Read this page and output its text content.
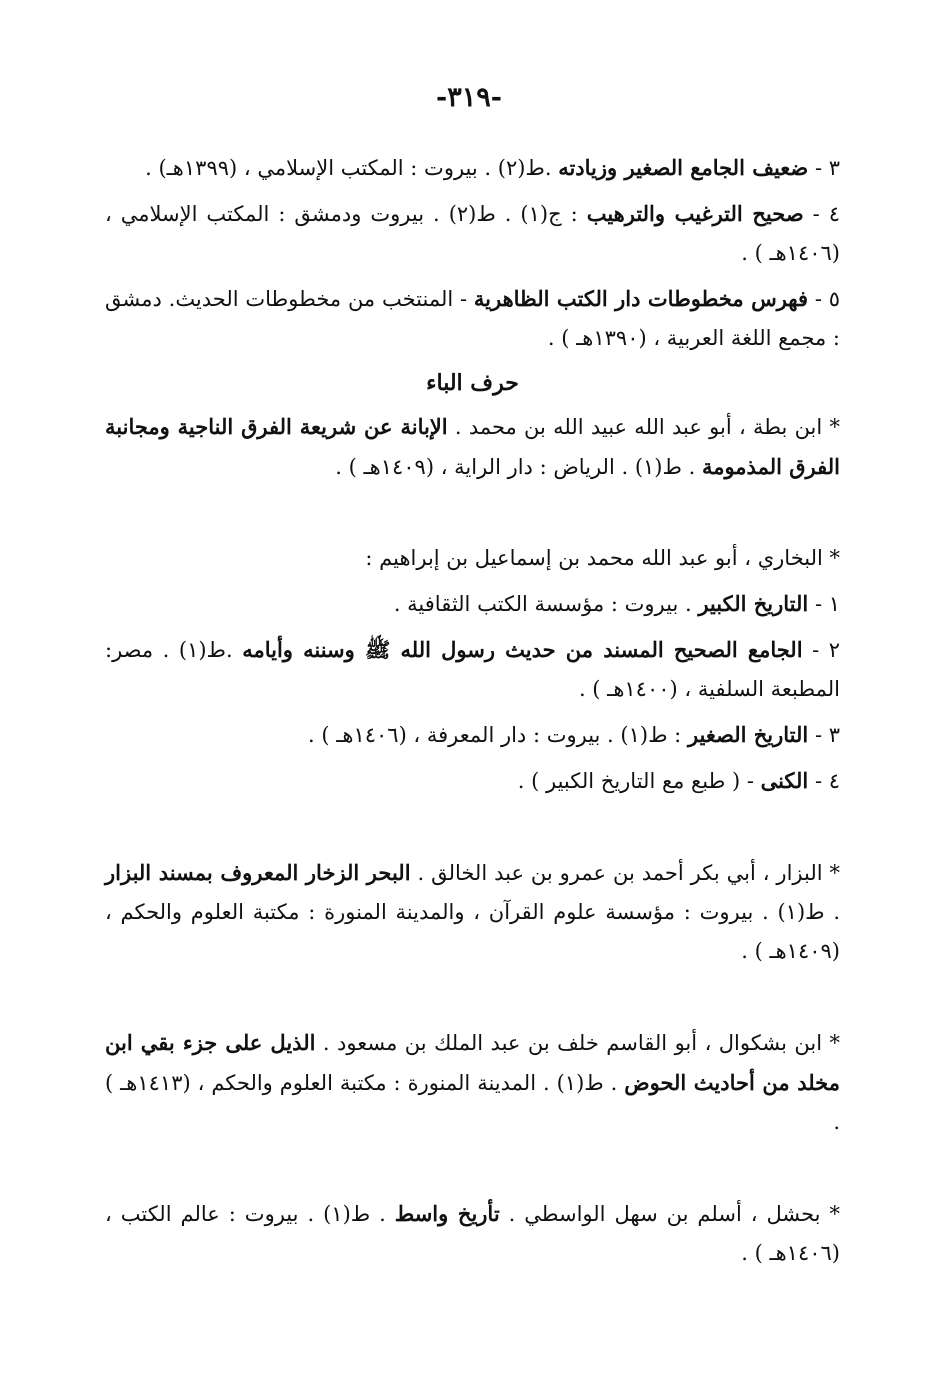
-٣١٩-

٣ - ضعيف الجامع الصغير وزيادته .ط(٢) . بيروت : المكتب الإسلامي ، (١٣٩٩هـ) .

٤ - صحيح الترغيب والترهيب : ج(١) . ط(٢) . بيروت ودمشق : المكتب الإسلامي ، (١٤٠٦هـ ) .

٥ - فهرس مخطوطات دار الكتب الظاهرية - المنتخب من مخطوطات الحديث. دمشق : مجمع اللغة العربية ، (١٣٩٠هـ ) .

حرف الباء

* ابن بطة ، أبو عبد الله عبيد الله بن محمد . الإبانة عن شريعة الفرق الناجية ومجانبة الفرق المذمومة . ط(١) . الرياض : دار الراية ، (١٤٠٩هـ ) .

* البخاري ، أبو عبد الله محمد بن إسماعيل بن إبراهيم :

١ - التاريخ الكبير . بيروت : مؤسسة الكتب الثقافية .

٢ - الجامع الصحيح المسند من حديث رسول الله ﷺ وسننه وأيامه .ط(١) . مصر: المطبعة السلفية ، (١٤٠٠هـ ) .

٣ - التاريخ الصغير : ط(١) . بيروت : دار المعرفة ، (١٤٠٦هـ ) .

٤ - الكنى - ( طبع مع التاريخ الكبير ) .

* البزار ، أبي بكر أحمد بن عمرو بن عبد الخالق . البحر الزخار المعروف بمسند البزار . ط(١) . بيروت : مؤسسة علوم القرآن ، والمدينة المنورة : مكتبة العلوم والحكم ، (١٤٠٩هـ ) .

* ابن بشكوال ، أبو القاسم خلف بن عبد الملك بن مسعود . الذيل على جزء بقي ابن مخلد من أحاديث الحوض . ط(١) . المدينة المنورة : مكتبة العلوم والحكم ، (١٤١٣هـ ) .

* بحشل ، أسلم بن سهل الواسطي . تأريخ واسط . ط(١) . بيروت : عالم الكتب ، (١٤٠٦هـ ) .
